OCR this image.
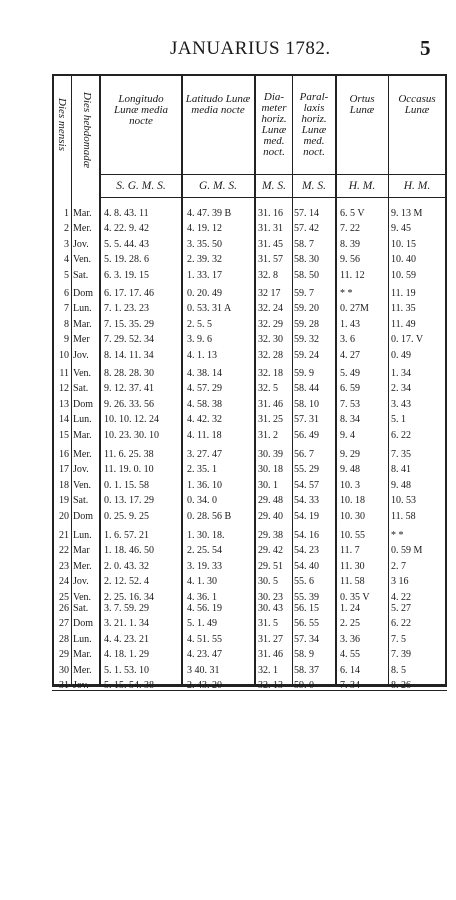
JANUARIUS 1782.	5
Dies mensis Dies hebdomadæ	Longitudo Lunæ media nocte
Latitudo Lunæ media nocte
Dia-meter horiz. Lunæ med. noct.
Paral-laxis horiz. Lunæ med. noct.
Ortus Lunæ
Occasus Lunæ
S. G. M. S.	G. M. S.	M. S.	M. S.	H. M.	H. M.
1 Mar.	4. 8. 43. 11	4. 47. 39 B	31. 16	57. 14	6. 5 V	9. 13 M
2 Mer.	4. 22. 9. 42	4. 19. 12	31. 31	57. 42	7. 22	9. 45
3 Jov.	5. 5. 44. 43	3. 35. 50	31. 45	58. 7	8. 39	10. 15
4 Ven.	5. 19. 28. 6	2. 39. 32	31. 57	58. 30	9. 56	10. 40
5 Sat.	6. 3. 19. 15	1. 33. 17	32. 8	58. 50	11. 12	10. 59
6 Dom	6. 17. 17. 46	0. 20. 49	32 17	59. 7	* *	11. 19
7 Lun.	7. 1. 23. 23	0. 53. 31 A	32. 24	59. 20	0. 27M	11. 35
8 Mar.	7. 15. 35. 29	2. 5. 5	32. 29	59. 28	1. 43	11. 49
9 Mer	7. 29. 52. 34	3. 9. 6	32. 30	59. 32	3. 6	0. 17. V
10 Jov.	8. 14. 11. 34	4. 1. 13	32. 28	59. 24	4. 27	0. 49
11 Ven.	8. 28. 28. 30	4. 38. 14	32. 18	59. 9	5. 49	1. 34
12 Sat.	9. 12. 37. 41	4. 57. 29	32. 5	58. 44	6. 59	2. 34
13 Dom	9. 26. 33. 56	4. 58. 38	31. 46	58. 10	7. 53	3. 43
14 Lun.	10. 10. 12. 24	4. 42. 32	31. 25	57. 31	8. 34	5. 1
15 Mar.	10. 23. 30. 10	4. 11. 18	31. 2	56. 49	9. 4	6. 22
16 Mer.	11. 6. 25. 38	3. 27. 47	30. 39	56. 7	9. 29	7. 35
17 Jov.	11. 19. 0. 10	2. 35. 1	30. 18	55. 29	9. 48	8. 41
18 Ven.	0. 1. 15. 58	1. 36. 10	30. 1	54. 57	10. 3	9. 48
19 Sat.	0. 13. 17. 29	0. 34. 0	29. 48	54. 33	10. 18	10. 53
20 Dom	0. 25. 9. 25	0. 28. 56 B	29. 40	54. 19	10. 30	11. 58
21 Lun.	1. 6. 57. 21	1. 30. 18.	29. 38	54. 16	10. 55	* *
22 Mar	1. 18. 46. 50	2. 25. 54	29. 42	54. 23	11. 7	0. 59 M
23 Mer.	2. 0. 43. 32	3. 19. 33	29. 51	54. 40	11. 30	2. 7
24 Jov.	2. 12. 52. 4	4. 1. 30	30. 5	55. 6	11. 58	3 16
25 Ven.	2. 25. 16. 34	4. 36. 1	30. 23	55. 39	0. 35 V	4. 22
26 Sat.	3. 7. 59. 29	4. 56. 19	30. 43	56. 15	1. 24	5. 27
27 Dom	3. 21. 1. 34	5. 1. 49	31. 5	56. 55	2. 25	6. 22
28 Lun.	4. 4. 23. 21	4. 51. 55	31. 27	57. 34	3. 36	7. 5
29 Mar.	4. 18. 1. 29	4. 23. 47	31. 46	58. 9	4. 55	7. 39
30 Mer.	5. 1. 53. 10	3 40. 31	32. 1	58. 37	6. 14	8. 5
31 Jov.	5. 15. 54. 38	2. 43. 20	32. 13	59. 0	7. 34	8. 26
